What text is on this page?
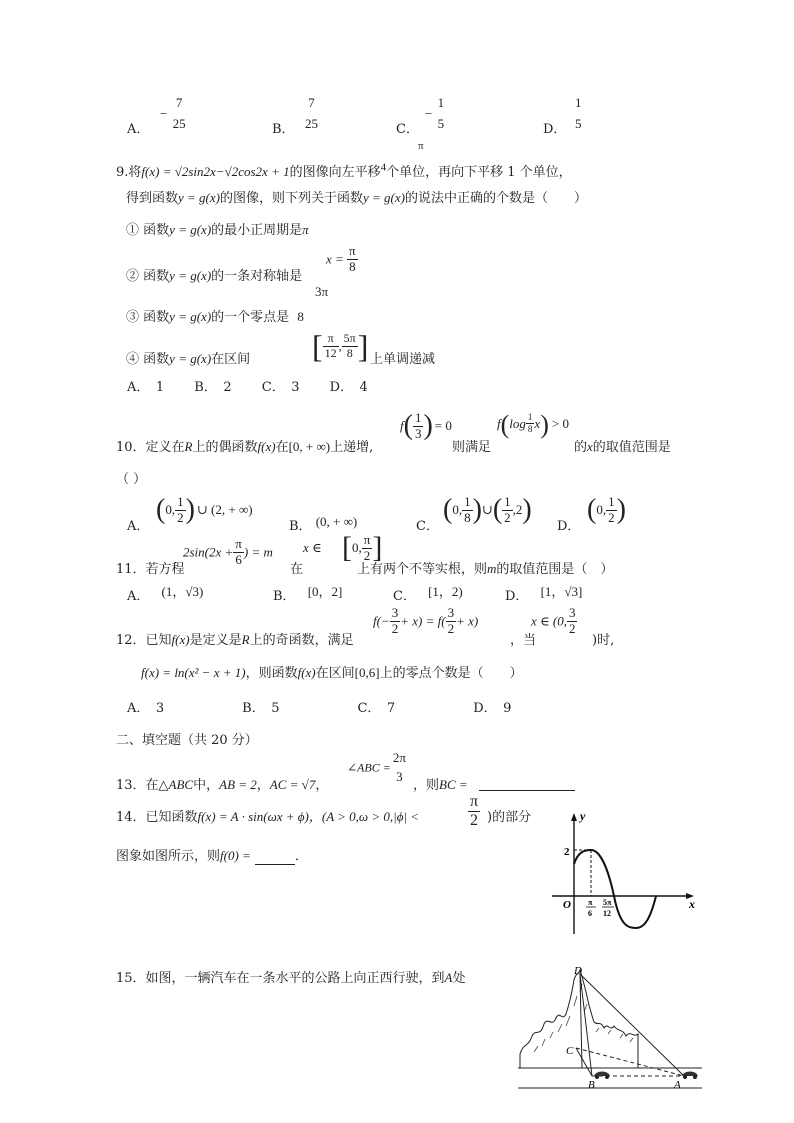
A．
−
7
25	B．
7
25	C．
−
1
5	D．
1
5
π
9.将f(x) = √2sin2x−√2cos2x + 1的图像向左平移$^4$个单位，再向下平移 1 个单位，
得到函数y = g(x)的图像，则下列关于函数y = g(x)的说法中正确的个数是（　　）
① 函数y = g(x)的最小正周期是π
② 函数y = g(x)的一条对称轴是
$x = \frac{\pi}{8}$
3π
③ 函数y = g(x)的一个零点是 8
④ 函数y = g(x)在区间 [ $\frac{\pi}{12}$ , $\frac{5\pi}{8}$ ] 上单调递减
A．　1　　 B．　2　　 C．　3　　 D．　4
$f( \frac{1}{3}$ ) = 0	$f(\log \frac{1}{8} x) > 0$
10．定义在R上的偶函数f(x)在[0, + ∞)上递增,	则满足	的x的取值范围是
（ ）
A．
(0, $\frac{1}{2}$ ) ∪ (2, + ∞)
B． (0, + ∞)	C．
(0, $\frac{1}{8}$ )∪( $\frac{1}{2} ,2$)
D．
(0, $\frac{1}{2}$ )
$2\sin(2x + \frac{\pi}{6}$ ) = m x ∈ [0, $\frac{\pi}{2}$ ]
11．若方程	在	上有两个不等实根，则m的取值范围是（　）
A． (1，√3)	B． [0，2]	C． [1，2)	D． [1，√3]
$f(- \frac{3}{2} + x) = f( \frac{3}{2} + x)$	x ∈ (0, $\frac{3}{2}$
12．已知f(x)是定义是R上的奇函数，满足	，当	)时,
f(x) = ln(x² − x + 1)，则函数f(x)在区间[0,6]上的零点个数是（　　）
A．　3　　　　　　B．　5　　　　　　C．　7　　　　　　D．　9
二、填空题（共 20 分）
∠ABC =
2π
3
13．在△ABC中，AB = 2，AC = √7，	，则BC =
14．已知函数f(x) = A · sin(ωx + ϕ)，(A > 0,ω > 0,|ϕ| <	$\frac{\pi}{2}$ )的部分
图象如图所示，则f(0) =	．
y
x
O
2
π
6
5π
12
15．如图，一辆汽车在一条水平的公路上向正西行驶，到A处	D
C
B	A
